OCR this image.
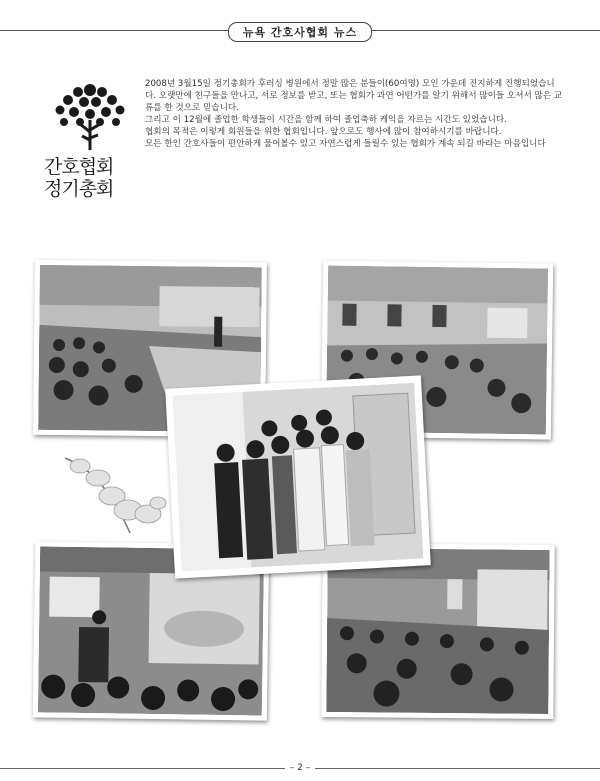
뉴욕 간호사협회 뉴스
간호협회
정기총회

2008년 3월15일 정기총회가 후러싱 병원에서 정말 많은 분들이(60여명) 모인 가운데 진지하게 진행되었습니다. 오랫만에 친구들을 만나고, 서로 정보를 받고, 또는 협회가 과연 어떤가를 알기 위해서 많이들 오셔서 많은 교류를 한 것으로 믿습니다.

그리고 이 12월에 졸업한 학생들이 시간을 함께 하여 졸업축하 케익을 자르는 시간도 있었습니다.

협회의 목적은 이렇게 회원들을 위한 협회입니다. 앞으로도 행사에 많이 참여하시기를 바랍니다.

모든 한인 간호사들이 편안하게 물어볼수 있고 자연스럽게 들릴수 있는 협회가 계속 되길 바라는 마음입니다

– 2 –
